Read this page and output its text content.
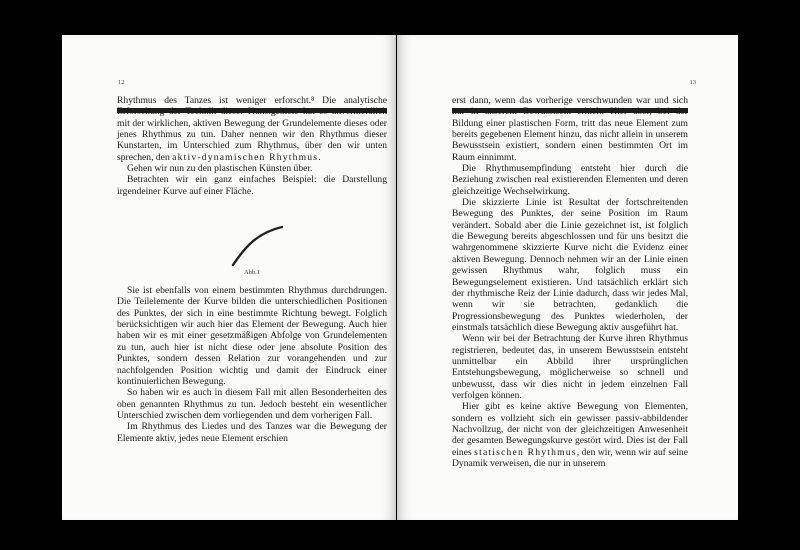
12

Rhythmus des Tanzes ist weniger erforscht.⁸ Die analytische Erforschung der Technik dieser Kunstgebiete hat es unvermeidlich mit der wirklichen, aktiven Bewegung der Grundelemente dieses oder jenes Rhythmus zu tun. Daher nennen wir den Rhythmus dieser Kunstarten, im Unterschied zum Rhythmus, über den wir unten sprechen, den aktiv-dynamischen Rhythmus.

Gehen wir nun zu den plastischen Künsten über.

Betrachten wir ein ganz einfaches Beispiel: die Darstellung irgendeiner Kurve auf einer Fläche.

Abb.1

Sie ist ebenfalls von einem bestimmten Rhythmus durchdrungen. Die Teilelemente der Kurve bilden die unterschiedlichen Positionen des Punktes, der sich in eine bestimmte Richtung bewegt. Folglich berücksichtigen wir auch hier das Element der Bewegung. Auch hier haben wir es mit einer gesetzmäßigen Abfolge von Grundelementen zu tun, auch hier ist nicht diese oder jene absolute Position des Punktes, sondern dessen Relation zur vorangehenden und zur nachfolgenden Position wichtig und damit der Eindruck einer kontinuierlichen Bewegung.

So haben wir es auch in diesem Fall mit allen Besonderheiten des oben genannten Rhythmus zu tun. Jedoch besteht ein wesentlicher Unterschied zwischen dem vorliegenden und dem vorherigen Fall.

Im Rhythmus des Liedes und des Tanzes war die Bewegung der Elemente aktiv, jedes neue Element erschien

13

erst dann, wenn das vorherige verschwunden war und sich nur in unserem Bewusstsein erhielt. Hier aber, bei der Bildung einer plastischen Form, tritt das neue Element zum bereits gegebenen Element hinzu, das nicht allein in unserem Bewusstsein existiert, sondern einen bestimmten Ort im Raum einnimmt.

Die Rhythmusempfindung entsteht hier durch die Beziehung zwischen real existierenden Elementen und deren gleichzeitige Wechselwirkung.

Die skizzierte Linie ist Resultat der fortschreitenden Bewegung des Punktes, der seine Position im Raum verändert. Sobald aber die Linie gezeichnet ist, ist folglich die Bewegung bereits abgeschlossen und für uns besitzt die wahrgenommene skizzierte Kurve nicht die Evidenz einer aktiven Bewegung. Dennoch nehmen wir an der Linie einen gewissen Rhythmus wahr, folglich muss ein Bewegungselement existieren. Und tatsächlich erklärt sich der rhythmische Reiz der Linie dadurch, dass wir jedes Mal, wenn wir sie betrachten, gedanklich die Progressionsbewegung des Punktes wiederholen, der einstmals tatsächlich diese Bewegung aktiv ausgeführt hat.

Wenn wir bei der Betrachtung der Kurve ihren Rhythmus registrieren, bedeutet das, in unserem Bewusstsein entsteht unmittelbar ein Abbild ihrer ursprünglichen Entstehungsbewegung, möglicherweise so schnell und unbewusst, dass wir dies nicht in jedem einzelnen Fall verfolgen können.

Hier gibt es keine aktive Bewegung von Elementen, sondern es vollzieht sich ein gewisser passiv-abbildender Nachvollzug, der nicht von der gleichzeitigen Anwesenheit der gesamten Bewegungskurve gestört wird. Dies ist der Fall eines statischen Rhythmus, den wir, wenn wir auf seine Dynamik verweisen, die nur in unserem
